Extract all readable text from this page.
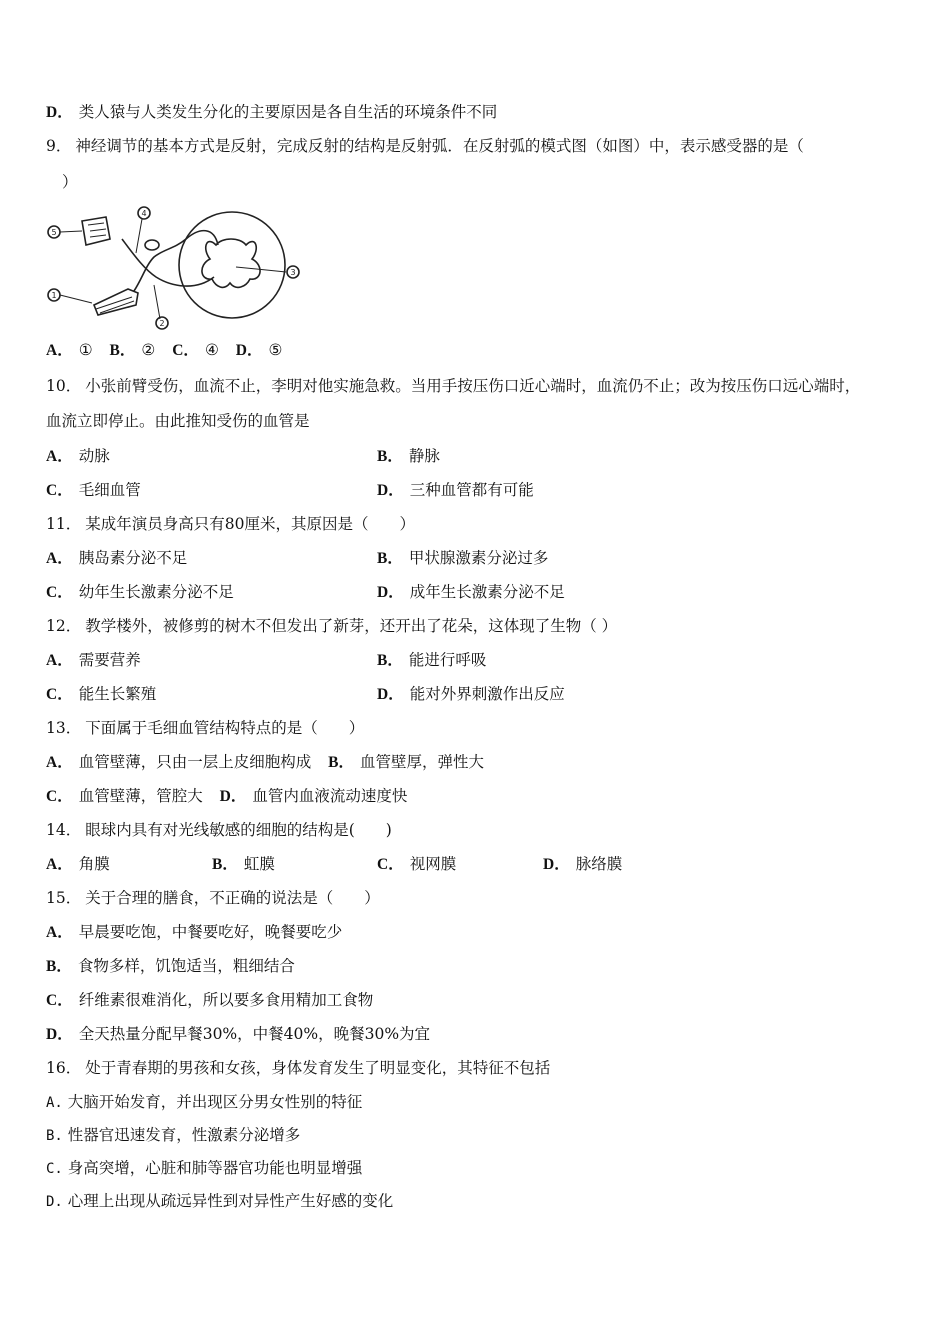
D． 类人猿与人类发生分化的主要原因是各自生活的环境条件不同
9． 神经调节的基本方式是反射，完成反射的结构是反射弧．在反射弧的模式图（如图）中，表示感受器的是（
）
5
1
4
2
3
A． ① B． ② C． ④ D． ⑤
10． 小张前臂受伤，血流不止，李明对他实施急救。当用手按压伤口近心端时，血流仍不止；改为按压伤口远心端时，
血流立即停止。由此推知受伤的血管是
A． 动脉	B． 静脉
C． 毛细血管	D． 三种血管都有可能
11． 某成年演员身高只有80厘米，其原因是（　　）
A． 胰岛素分泌不足	B． 甲状腺激素分泌过多
C． 幼年生长激素分泌不足	D． 成年生长激素分泌不足
12． 教学楼外，被修剪的树木不但发出了新芽，还开出了花朵，这体现了生物（ ）
A． 需要营养	B． 能进行呼吸
C． 能生长繁殖	D． 能对外界刺激作出反应
13． 下面属于毛细血管结构特点的是（　　）
A． 血管壁薄，只由一层上皮细胞构成 B． 血管壁厚，弹性大
C． 血管壁薄，管腔大 D． 血管内血液流动速度快
14． 眼球内具有对光线敏感的细胞的结构是(　　)
A． 角膜	B． 虹膜	C． 视网膜	D． 脉络膜
15． 关于合理的膳食，不正确的说法是（　　）
A． 早晨要吃饱，中餐要吃好，晚餐要吃少
B． 食物多样，饥饱适当，粗细结合
C． 纤维素很难消化，所以要多食用精加工食物
D． 全天热量分配早餐30%，中餐40%，晚餐30%为宜
16． 处于青春期的男孩和女孩，身体发育发生了明显变化，其特征不包括
A. 大脑开始发育，并出现区分男女性别的特征
B. 性器官迅速发育，性激素分泌增多
C. 身高突增，心脏和肺等器官功能也明显增强
D. 心理上出现从疏远异性到对异性产生好感的变化
